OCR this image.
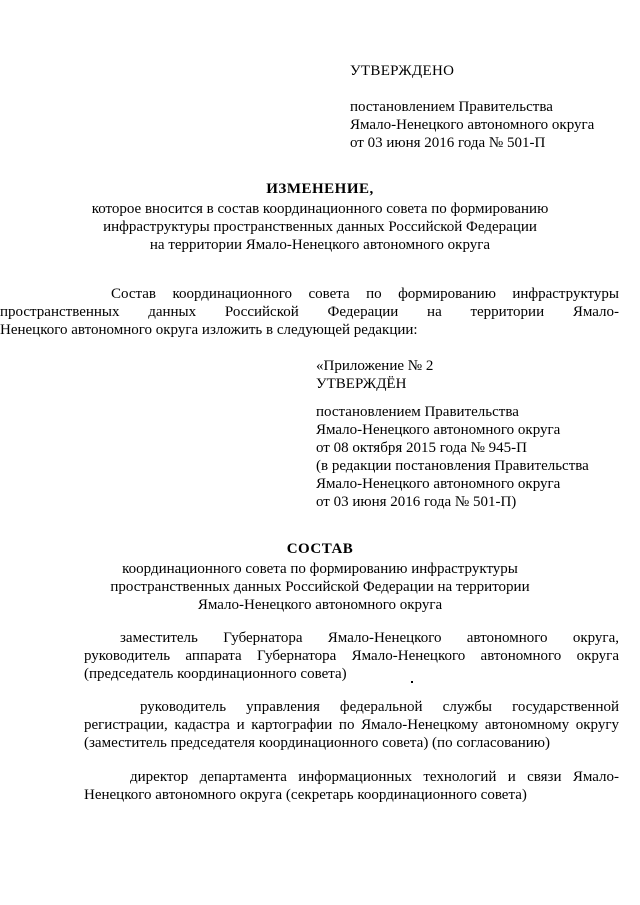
УТВЕРЖДЕНО
постановлением Правительства
Ямало-Ненецкого автономного округа
от 03 июня 2016 года № 501-П
ИЗМЕНЕНИЕ,
которое вносится в состав координационного совета по формированию
инфраструктуры пространственных данных Российской Федерации
на территории Ямало-Ненецкого автономного округа
Состав координационного совета по формированию инфраструктуры
пространственных данных Российской Федерации на территории Ямало-
Ненецкого автономного округа изложить в следующей редакции:
«Приложение № 2
УТВЕРЖДЁН
постановлением Правительства
Ямало-Ненецкого автономного округа
от 08 октября 2015 года № 945-П
(в редакции постановления Правительства
Ямало-Ненецкого автономного округа
от 03 июня 2016 года № 501-П)
СОСТАВ
координационного совета по формированию инфраструктуры
пространственных данных Российской Федерации на территории
Ямало-Ненецкого автономного округа
заместитель Губернатора Ямало-Ненецкого автономного округа,
руководитель аппарата Губернатора Ямало-Ненецкого автономного округа
(председатель координационного совета)
руководитель управления федеральной службы государственной
регистрации, кадастра и картографии по Ямало-Ненецкому автономному округу
(заместитель председателя координационного совета) (по согласованию)
директор департамента информационных технологий и связи Ямало-
Ненецкого автономного округа (секретарь координационного совета)
